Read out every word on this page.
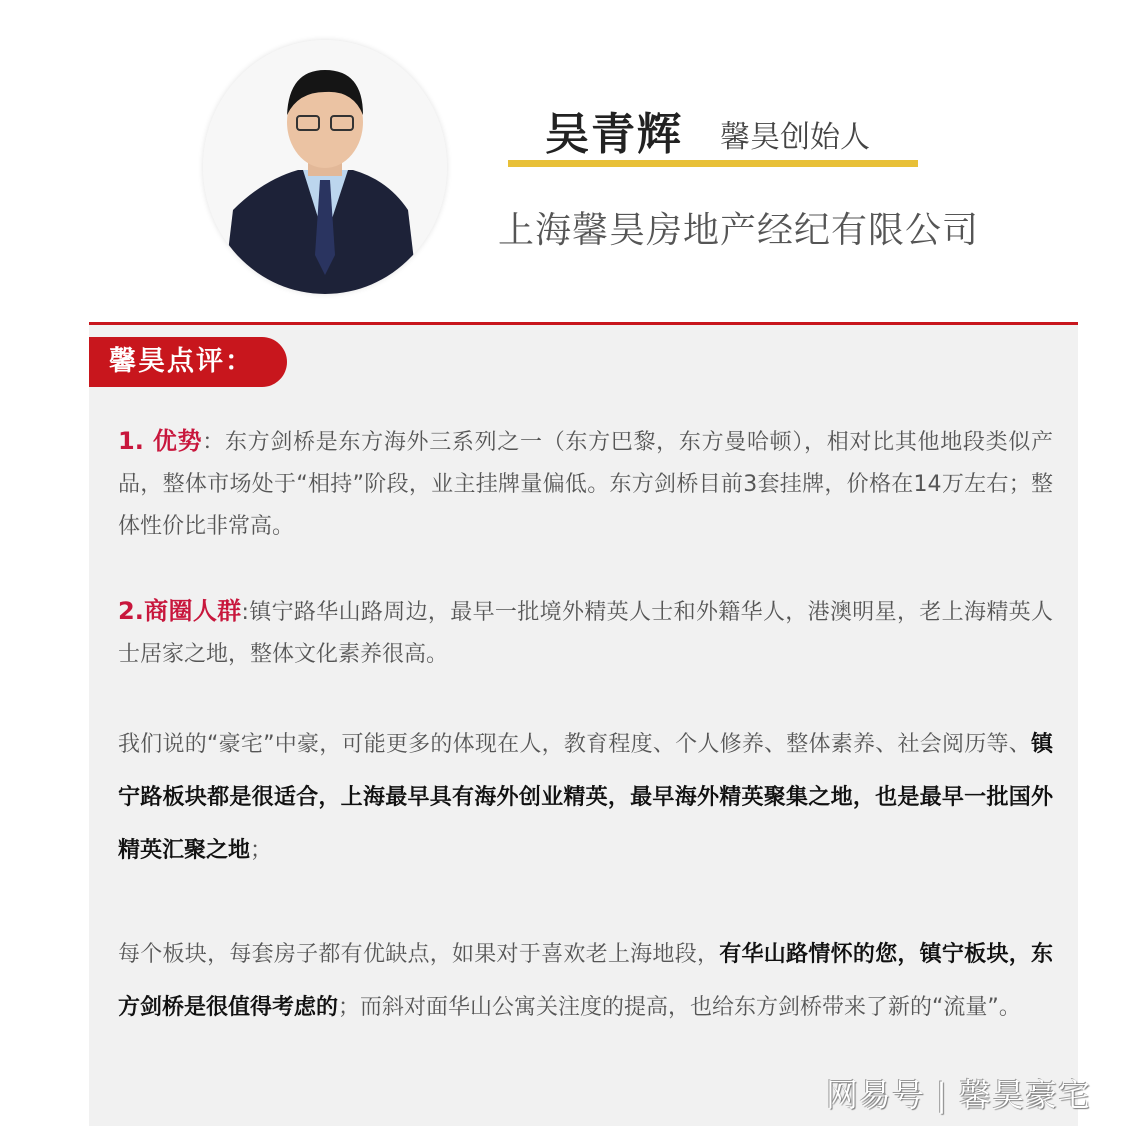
吴青辉 馨昊创始人
上海馨昊房地产经纪有限公司
馨昊点评：
1. 优势：东方剑桥是东方海外三系列之一（东方巴黎，东方曼哈顿），相对比其他地段类似产品，整体市场处于“相持”阶段，业主挂牌量偏低。东方剑桥目前3套挂牌，价格在14万左右；整体性价比非常高。
2.商圈人群:镇宁路华山路周边，最早一批境外精英人士和外籍华人，港澳明星，老上海精英人士居家之地，整体文化素养很高。
我们说的“豪宅”中豪，可能更多的体现在人，教育程度、个人修养、整体素养、社会阅历等、镇宁路板块都是很适合，上海最早具有海外创业精英，最早海外精英聚集之地，也是最早一批国外精英汇聚之地；
每个板块，每套房子都有优缺点，如果对于喜欢老上海地段，有华山路情怀的您，镇宁板块，东方剑桥是很值得考虑的；而斜对面华山公寓关注度的提高，也给东方剑桥带来了新的“流量”。
网易号 | 馨昊豪宅
